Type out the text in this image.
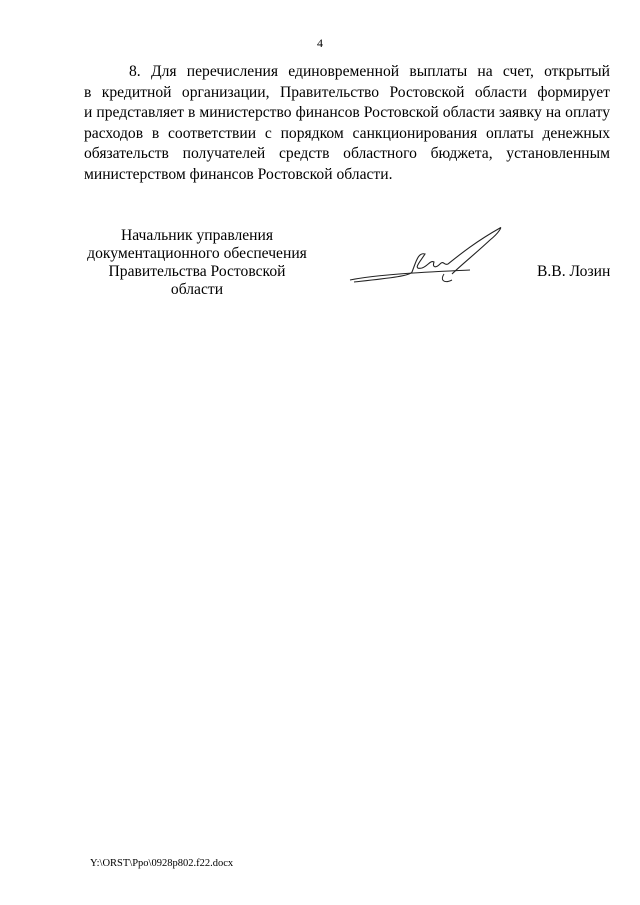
4
8. Для перечисления единовременной выплаты на счет, открытый
в кредитной организации, Правительство Ростовской области формирует
и представляет в министерство финансов Ростовской области заявку на оплату
расходов в соответствии с порядком санкционирования оплаты денежных
обязательств получателей средств областного бюджета, установленным
министерством финансов Ростовской области.
Начальник управления
документационного обеспечения
Правительства Ростовской области
В.В. Лозин
Y:\ORST\Ppo\0928p802.f22.docx
